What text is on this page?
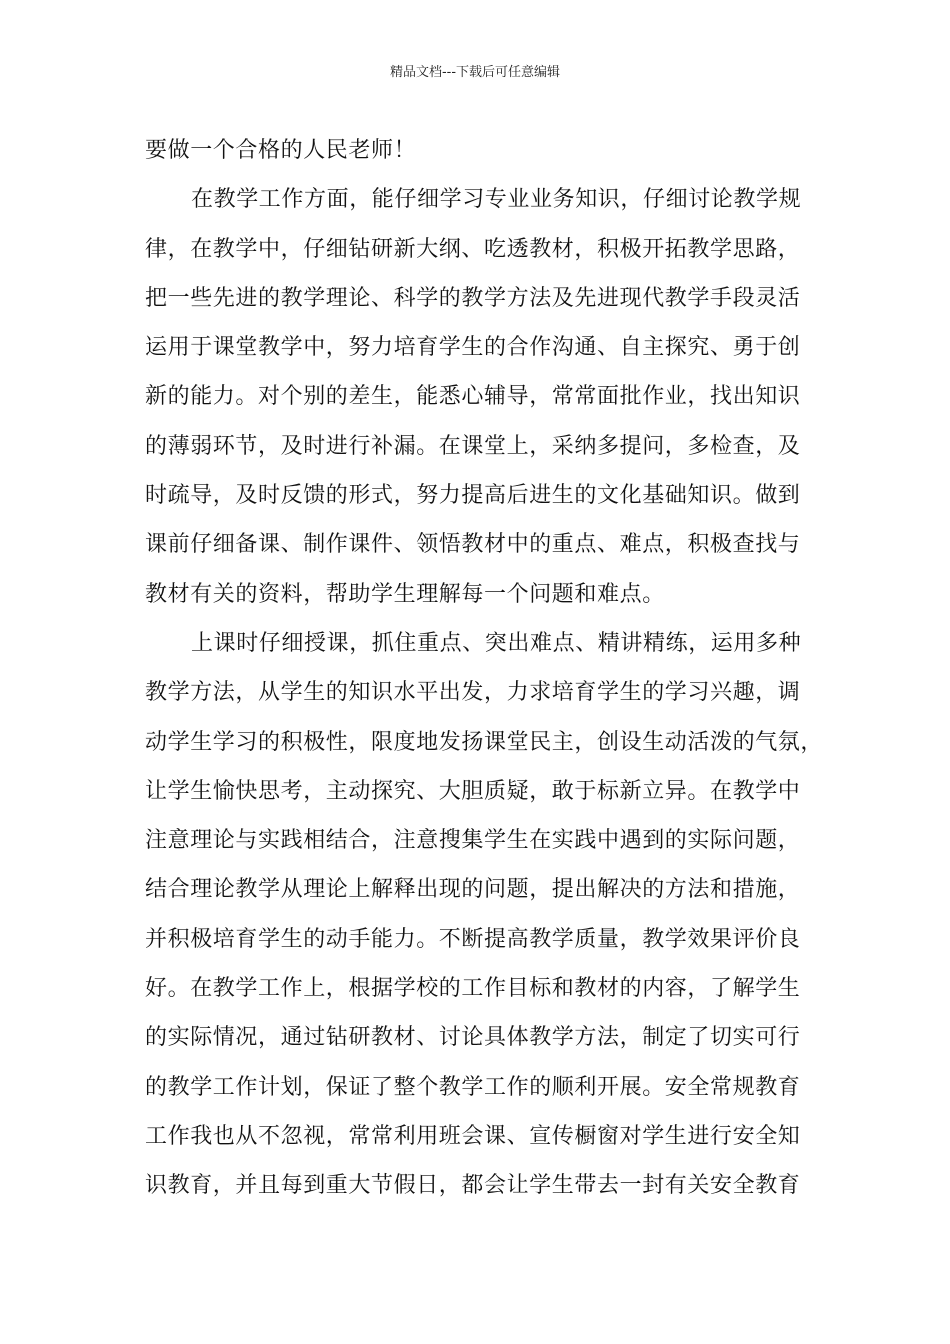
精品文档---下载后可任意编辑
要做一个合格的人民老师！
在教学工作方面，能仔细学习专业业务知识，仔细讨论教学规
律，在教学中，仔细钻研新大纲、吃透教材，积极开拓教学思路，
把一些先进的教学理论、科学的教学方法及先进现代教学手段灵活
运用于课堂教学中，努力培育学生的合作沟通、自主探究、勇于创
新的能力。对个别的差生，能悉心辅导，常常面批作业，找出知识
的薄弱环节，及时进行补漏。在课堂上，采纳多提问，多检查，及
时疏导，及时反馈的形式，努力提高后进生的文化基础知识。做到
课前仔细备课、制作课件、领悟教材中的重点、难点，积极查找与
教材有关的资料，帮助学生理解每一个问题和难点。
上课时仔细授课，抓住重点、突出难点、精讲精练，运用多种
教学方法，从学生的知识水平出发，力求培育学生的学习兴趣，调
动学生学习的积极性，限度地发扬课堂民主，创设生动活泼的气氛，
让学生愉快思考，主动探究、大胆质疑，敢于标新立异。在教学中
注意理论与实践相结合，注意搜集学生在实践中遇到的实际问题，
结合理论教学从理论上解释出现的问题，提出解决的方法和措施，
并积极培育学生的动手能力。不断提高教学质量，教学效果评价良
好。在教学工作上，根据学校的工作目标和教材的内容，了解学生
的实际情况，通过钻研教材、讨论具体教学方法，制定了切实可行
的教学工作计划，保证了整个教学工作的顺利开展。安全常规教育
工作我也从不忽视，常常利用班会课、宣传橱窗对学生进行安全知
识教育，并且每到重大节假日，都会让学生带去一封有关安全教育
